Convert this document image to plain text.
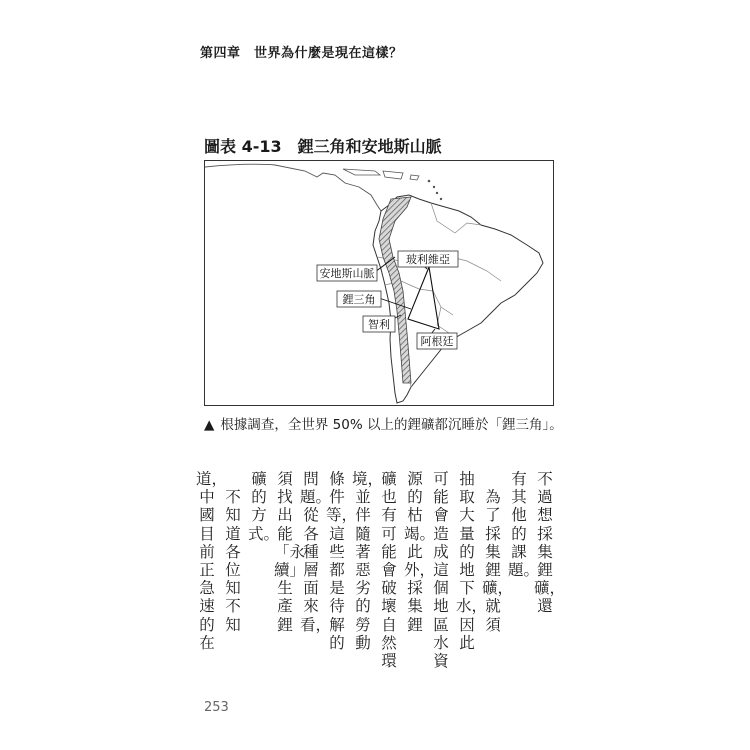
第四章　世界為什麼是現在這樣？
圖表 4-13　鋰三角和安地斯山脈
安地斯山脈
玻利維亞
鋰三角
智利
阿根廷
▲ 根據調查，全世界 50% 以上的鋰礦都沉睡於「鋰三角」。
不過想採集鋰礦，還
有其他的課題。
為了採集鋰礦，就須
抽取大量的地下水，因此
可能會造成這個地區水資
源的枯竭。此外，採集鋰
礦也有可能會破壞自然環
境，並伴隨著惡劣的勞動
條件等，這些都是待解的
問題。從各種層面來看，
須找出能「永續」生產鋰
礦的方式。
不知道各位知不知
道，中國目前正急速的在
253
